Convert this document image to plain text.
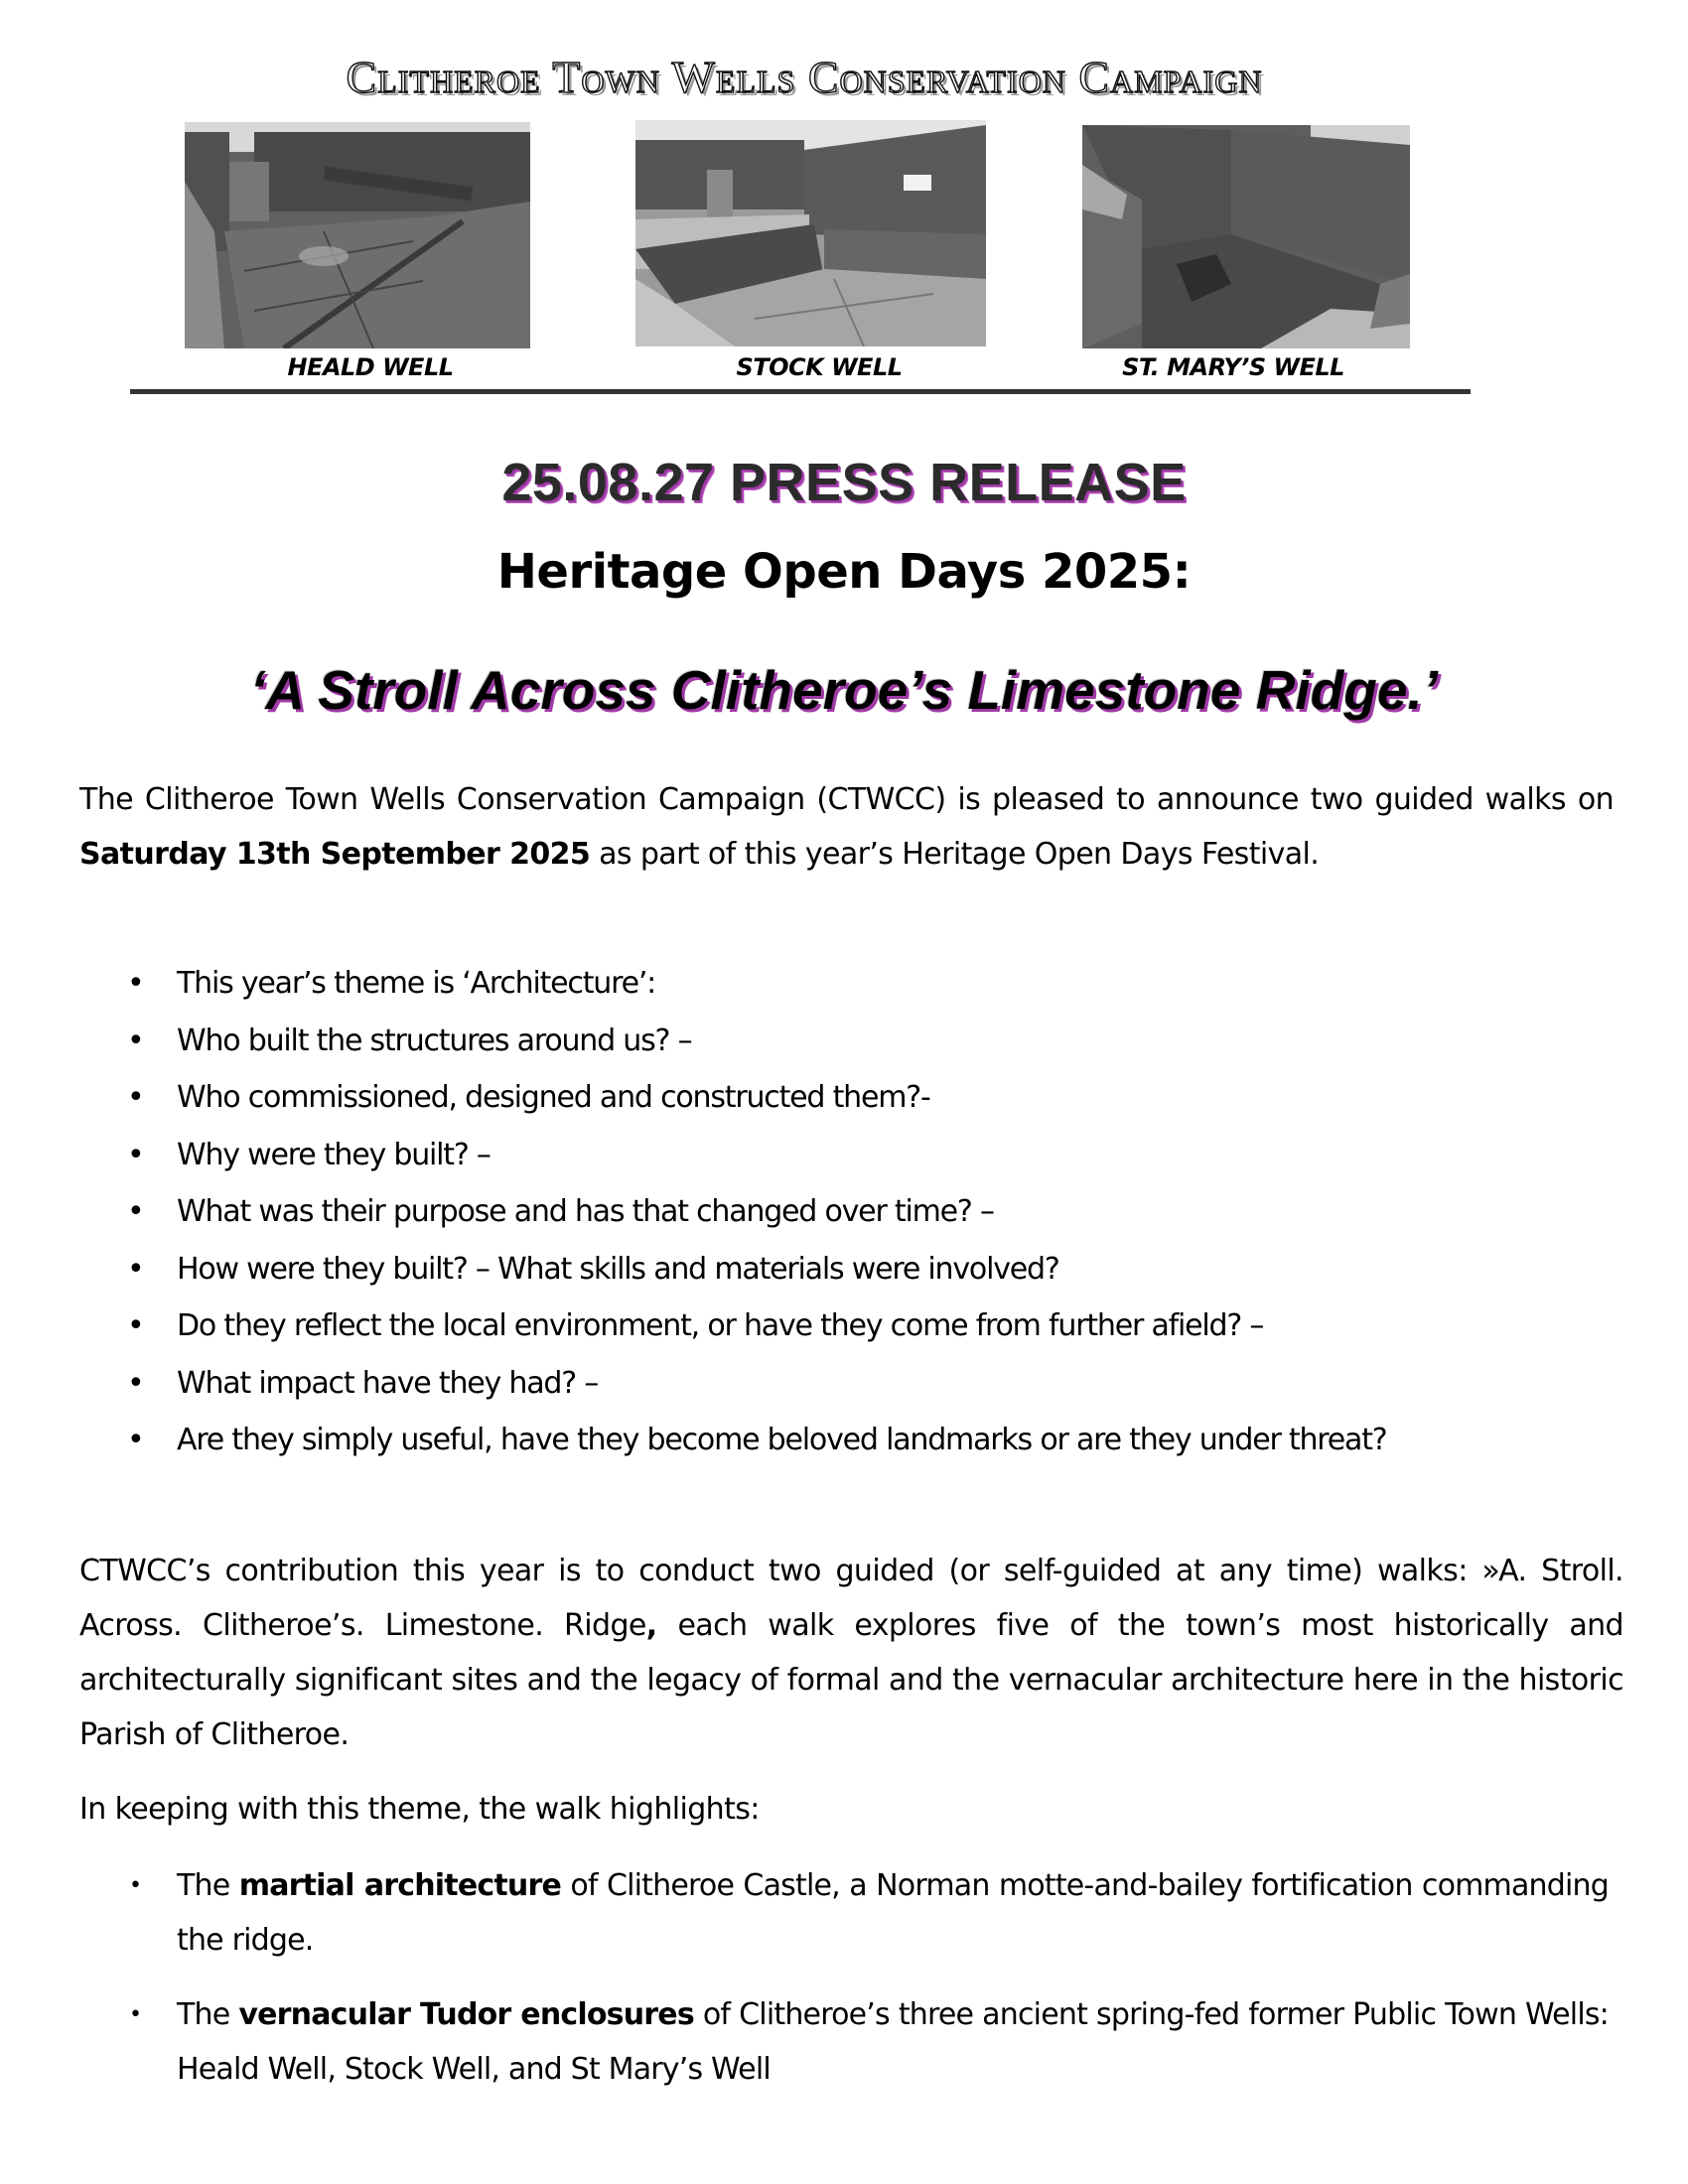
Clitheroe Town Wells Conservation Campaign
HEALD WELL	STOCK WELL	ST. MARY’S WELL
25.08.27 PRESS RELEASE
Heritage Open Days 2025:
‘A Stroll Across Clitheroe’s Limestone Ridge.’
The Clitheroe Town Wells Conservation Campaign (CTWCC) is pleased to announce two guided walks on Saturday 13th September 2025 as part of this year’s Heritage Open Days Festival.
• This year’s theme is ‘Architecture’:
• Who built the structures around us? –
• Who commissioned, designed and constructed them?-
• Why were they built? –
• What was their purpose and has that changed over time? –
• How were they built? – What skills and materials were involved?
• Do they reflect the local environment, or have they come from further afield? –
• What impact have they had? –
• Are they simply useful, have they become beloved landmarks or are they under threat?
CTWCC’s contribution this year is to conduct two guided (or self-guided at any time) walks: »A. Stroll. Across. Clitheroe’s. Limestone. Ridge, each walk explores five of the town’s most historically and architecturally significant sites and the legacy of formal and the vernacular architecture here in the historic Parish of Clitheroe.
In keeping with this theme, the walk highlights:
• The martial architecture of Clitheroe Castle, a Norman motte-and-bailey fortification commanding the ridge.
• The vernacular Tudor enclosures of Clitheroe’s three ancient spring-fed former Public Town Wells: Heald Well, Stock Well, and St Mary’s Well
